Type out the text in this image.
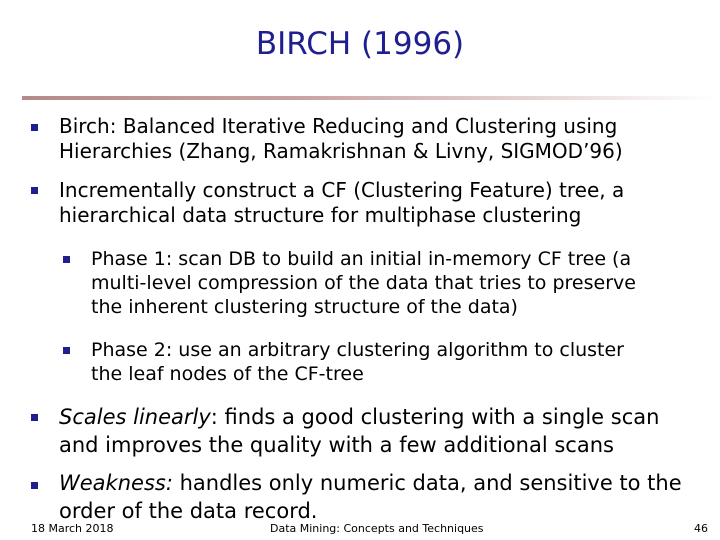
BIRCH (1996)
Birch: Balanced Iterative Reducing and Clustering using
Hierarchies (Zhang, Ramakrishnan & Livny, SIGMOD’96)
Incrementally construct a CF (Clustering Feature) tree, a
hierarchical data structure for multiphase clustering
Phase 1: scan DB to build an initial in-memory CF tree (a
multi-level compression of the data that tries to preserve
the inherent clustering structure of the data)
Phase 2: use an arbitrary clustering algorithm to cluster
the leaf nodes of the CF-tree
Scales linearly: finds a good clustering with a single scan
and improves the quality with a few additional scans
Weakness: handles only numeric data, and sensitive to the
order of the data record.
18 March 2018	Data Mining: Concepts and Techniques	46
